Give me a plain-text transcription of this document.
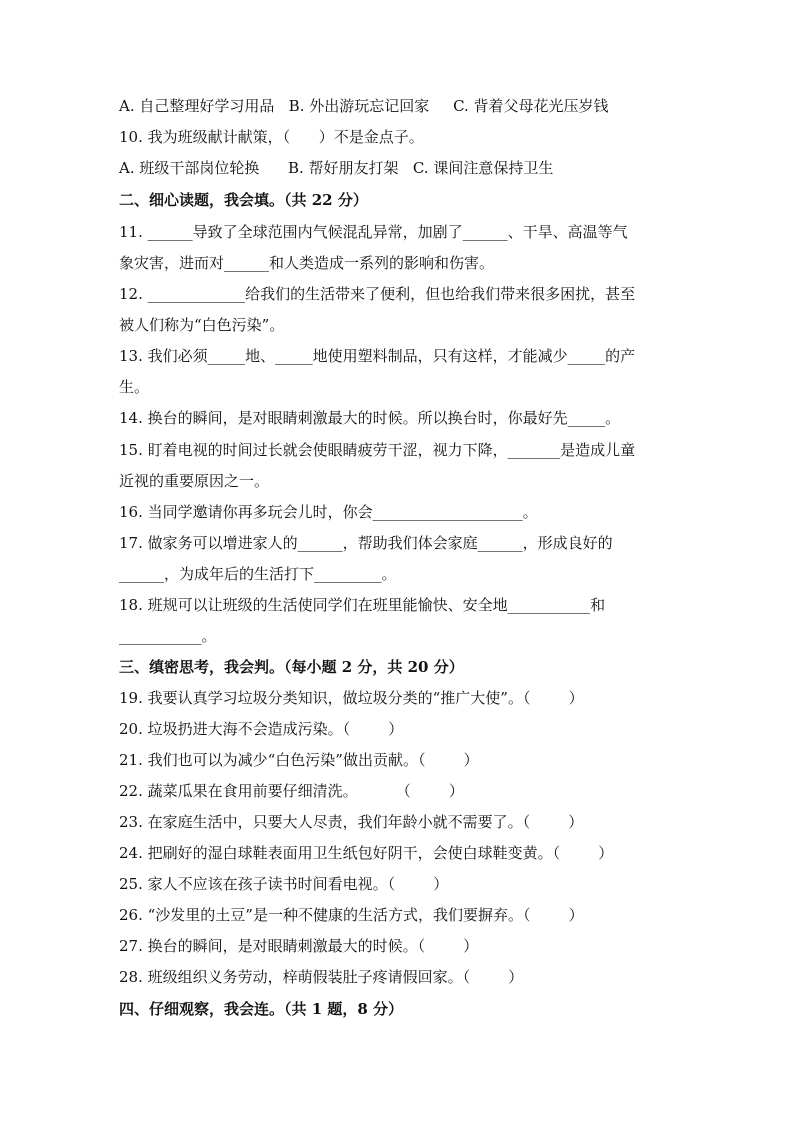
A. 自己整理好学习用品   B. 外出游玩忘记回家     C. 背着父母花光压岁钱
10. 我为班级献计献策，（      ）不是金点子。
A. 班级干部岗位轮换      B. 帮好朋友打架   C. 课间注意保持卫生
二、细心读题，我会填。（共 22 分）
11. ______导致了全球范围内气候混乱异常，加剧了______、干旱、高温等气
象灾害，进而对______和人类造成一系列的影响和伤害。
12. _____________给我们的生活带来了便利，但也给我们带来很多困扰，甚至
被人们称为“白色污染”。
13. 我们必须_____地、_____地使用塑料制品，只有这样，才能减少_____的产
生。
14. 换台的瞬间，是对眼睛刺激最大的时候。所以换台时，你最好先_____。
15. 盯着电视的时间过长就会使眼睛疲劳干涩，视力下降，_______是造成儿童
近视的重要原因之一。
16. 当同学邀请你再多玩会儿时，你会____________________。
17. 做家务可以增进家人的______，帮助我们体会家庭______，形成良好的
______，为成年后的生活打下_________。
18. 班规可以让班级的生活使同学们在班里能愉快、安全地___________和
___________。
三、缜密思考，我会判。（每小题 2 分，共 20 分）
19. 我要认真学习垃圾分类知识，做垃圾分类的“推广大使”。（        ）
20. 垃圾扔进大海不会造成污染。（        ）
21. 我们也可以为减少“白色污染”做出贡献。（        ）
22. 蔬菜瓜果在食用前要仔细清洗。        （        ）
23. 在家庭生活中，只要大人尽责，我们年龄小就不需要了。（        ）
24. 把刷好的湿白球鞋表面用卫生纸包好阴干，会使白球鞋变黄。（        ）
25. 家人不应该在孩子读书时间看电视。（        ）
26. “沙发里的土豆”是一种不健康的生活方式，我们要摒弃。（        ）
27. 换台的瞬间，是对眼睛刺激最大的时候。（        ）
28. 班级组织义务劳动，梓萌假装肚子疼请假回家。（        ）
四、仔细观察，我会连。（共 1 题，8 分）
